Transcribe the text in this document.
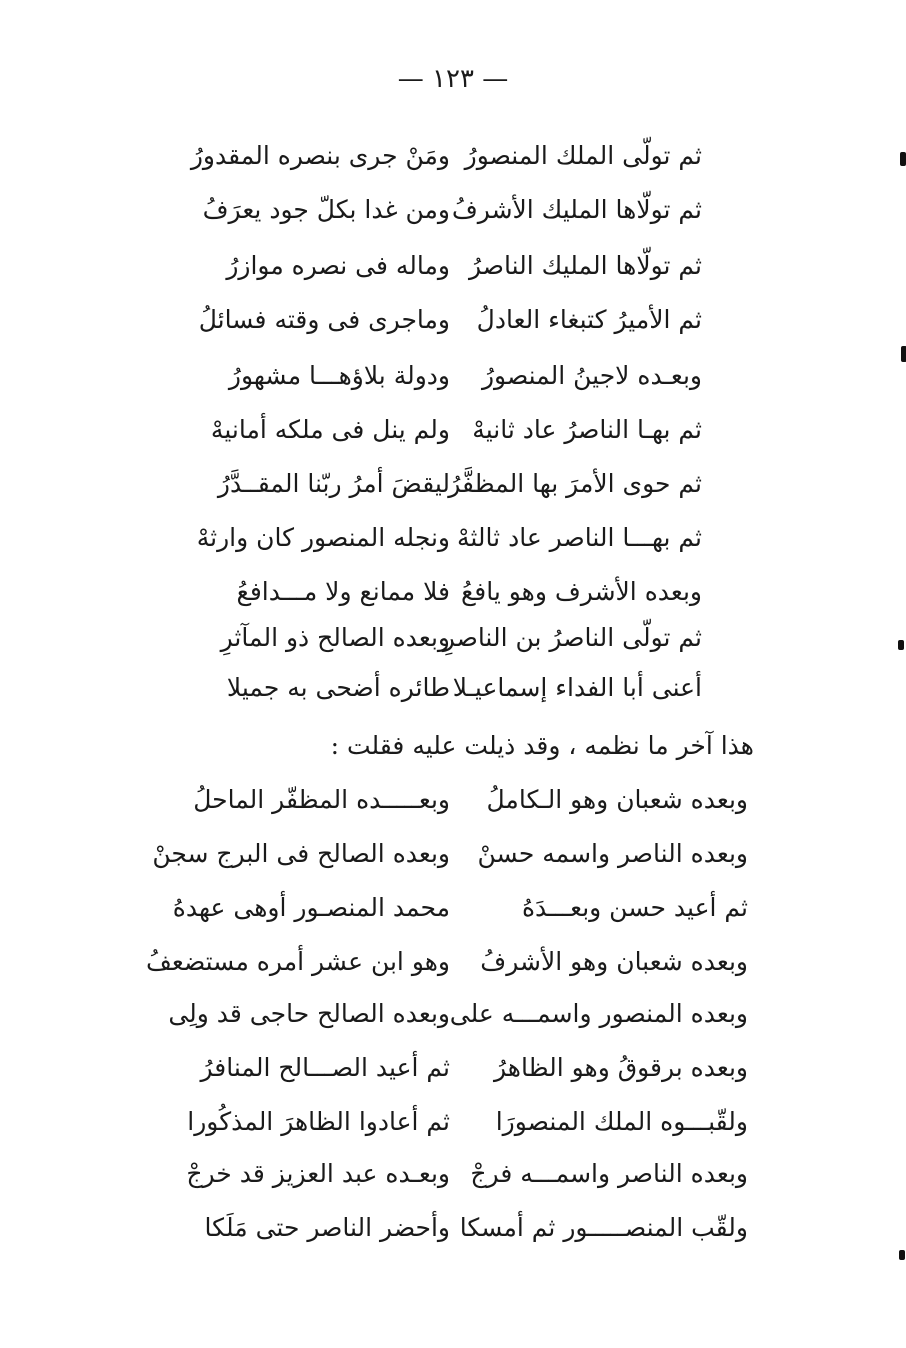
— ١٢٣ —
ثم تولّى الملك المنصورُ
ومَنْ جرى بنصره المقدورُ
ثم تولّاها المليك الأشرفُ
ومن غدا بكلّ جود يعرَفُ
ثم تولّاها المليك الناصرُ
وماله فى نصره موازرُ
ثم الأميرُ كتبغاء العادلُ
وماجرى فى وقته فسائلُ
وبعـده لاجينُ المنصورُ
ودولة بلاؤهـــا مشهورُ
ثم بهـا الناصرُ عاد ثانيهْ
ولم ينل فى ملكه أمانيهْ
ثم حوى الأمرَ بها المظفَّرُ
ليقضَ أمرُ ربّنا المقــدَّرُ
ثم بهـــا الناصر عاد ثالثهْ
ونجله المنصور كان وارثهْ
وبعده الأشرف وهو يافعُ
فلا ممانع ولا مـــدافعُ
ثم تولّى الناصرُ بن الناصرِ
وبعده الصالح ذو المآثرِ
أعنى أبا الفداء إسماعيـلا
طائره أضحى به جميلا
هذا آخر ما نظمه ، وقد ذيلت عليه فقلت :
وبعده شعبان وهو الـكاملُ
وبعـــــده المظفّر الماحلُ
وبعده الناصر واسمه حسنْ
وبعده الصالح فى البرج سجنْ
ثم أعيد حسن وبعـــدَهُ
محمد المنصـور أوهى عهدهُ
وبعده شعبان وهو الأشرفُ
وهو ابن عشر أمره مستضعفُ
وبعده المنصور واسمـــه على
وبعده الصالح حاجى قد ولِى
وبعده برقوقُ وهو الظاهرُ
ثم أعيد الصـــالح المنافرُ
ولقّبـــوه الملك المنصورَا
ثم أعادوا الظاهرَ المذكُورا
وبعده الناصر واسمـــه فرجْ
وبعـده عبد العزيز قد خرجْ
ولقّب المنصـــــور ثم أمسكا
وأحضر الناصر حتى مَلَكا
